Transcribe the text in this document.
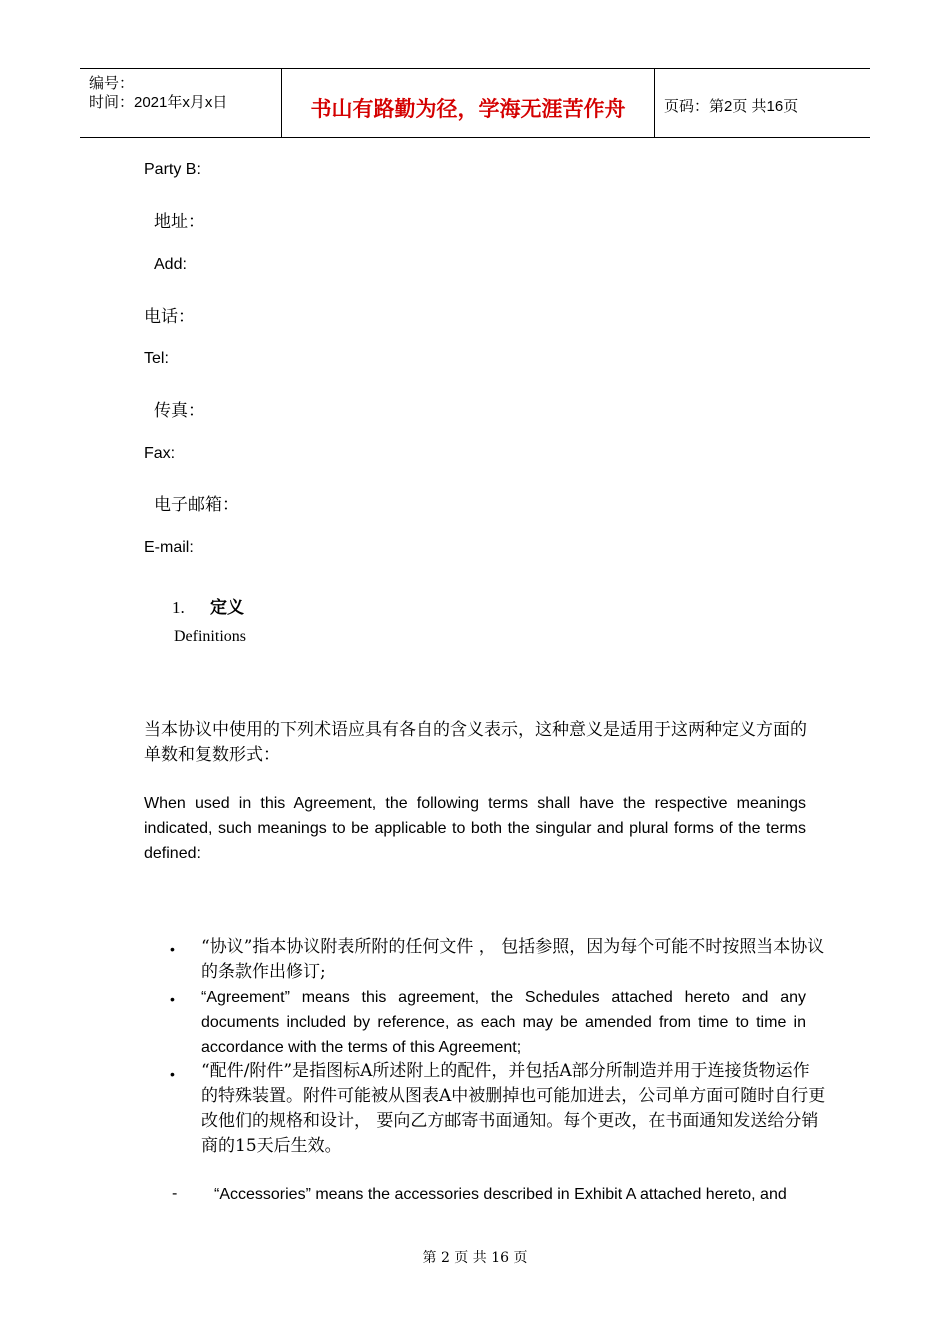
编号：
时间：2021年x月x日	书山有路勤为径，学海无涯苦作舟	页码：第2页 共16页
Party B:
地址：
Add:
电话：
Tel:
传真：
Fax:
电子邮箱：
E-mail:
1. 定义
Definitions
当本协议中使用的下列术语应具有各自的含义表示，这种意义是适用于这两种定义方面的单数和复数形式：
When used in this Agreement, the following terms shall have the respective meanings indicated, such meanings to be applicable to both the singular and plural forms of the terms defined:
• “协议”指本协议附表所附的任何文件 ， 包括参照，因为每个可能不时按照当本协议的条款作出修订;
• “Agreement” means this agreement, the Schedules attached hereto and any documents included by reference, as each may be amended from time to time in accordance with the terms of this Agreement;
• “配件/附件”是指图标A所述附上的配件，并包括A部分所制造并用于连接货物运作的特殊装置。附件可能被从图表A中被删掉也可能加进去，公司单方面可随时自行更改他们的规格和设计， 要向乙方邮寄书面通知。每个更改，在书面通知发送给分销商的15天后生效。
- “Accessories” means the accessories described in Exhibit A attached hereto, and
第 2 页 共 16 页
